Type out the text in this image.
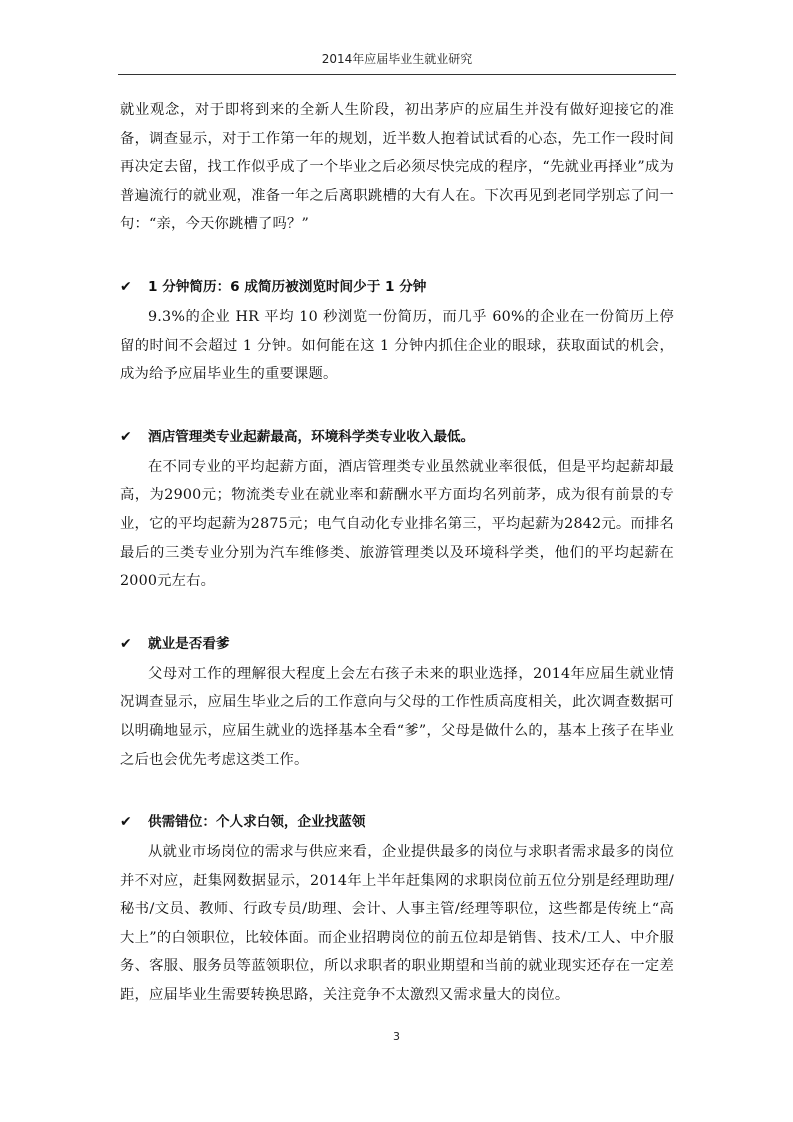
2014年应届毕业生就业研究

就业观念，对于即将到来的全新人生阶段，初出茅庐的应届生并没有做好迎接它的准备，调查显示，对于工作第一年的规划，近半数人抱着试试看的心态，先工作一段时间再决定去留，找工作似乎成了一个毕业之后必须尽快完成的程序，“先就业再择业”成为普遍流行的就业观，准备一年之后离职跳槽的大有人在。下次再见到老同学别忘了问一句：“亲，今天你跳槽了吗？”

✔	1 分钟简历：6 成简历被浏览时间少于 1 分钟

9.3%的企业 HR 平均 10 秒浏览一份简历，而几乎 60%的企业在一份简历上停留的时间不会超过 1 分钟。如何能在这 1 分钟内抓住企业的眼球，获取面试的机会，成为给予应届毕业生的重要课题。

✔	酒店管理类专业起薪最高，环境科学类专业收入最低。

在不同专业的平均起薪方面，酒店管理类专业虽然就业率很低，但是平均起薪却最高，为2900元；物流类专业在就业率和薪酬水平方面均名列前茅，成为很有前景的专业，它的平均起薪为2875元；电气自动化专业排名第三，平均起薪为2842元。而排名最后的三类专业分别为汽车维修类、旅游管理类以及环境科学类，他们的平均起薪在2000元左右。

✔	就业是否看爹

父母对工作的理解很大程度上会左右孩子未来的职业选择，2014年应届生就业情况调查显示，应届生毕业之后的工作意向与父母的工作性质高度相关，此次调查数据可以明确地显示，应届生就业的选择基本全看“爹”，父母是做什么的，基本上孩子在毕业之后也会优先考虑这类工作。

✔	供需错位：个人求白领，企业找蓝领

从就业市场岗位的需求与供应来看，企业提供最多的岗位与求职者需求最多的岗位并不对应，赶集网数据显示，2014年上半年赶集网的求职岗位前五位分别是经理助理/秘书/文员、教师、行政专员/助理、会计、人事主管/经理等职位，这些都是传统上“高大上”的白领职位，比较体面。而企业招聘岗位的前五位却是销售、技术/工人、中介服务、客服、服务员等蓝领职位，所以求职者的职业期望和当前的就业现实还存在一定差距，应届毕业生需要转换思路，关注竞争不太激烈又需求量大的岗位。

3
